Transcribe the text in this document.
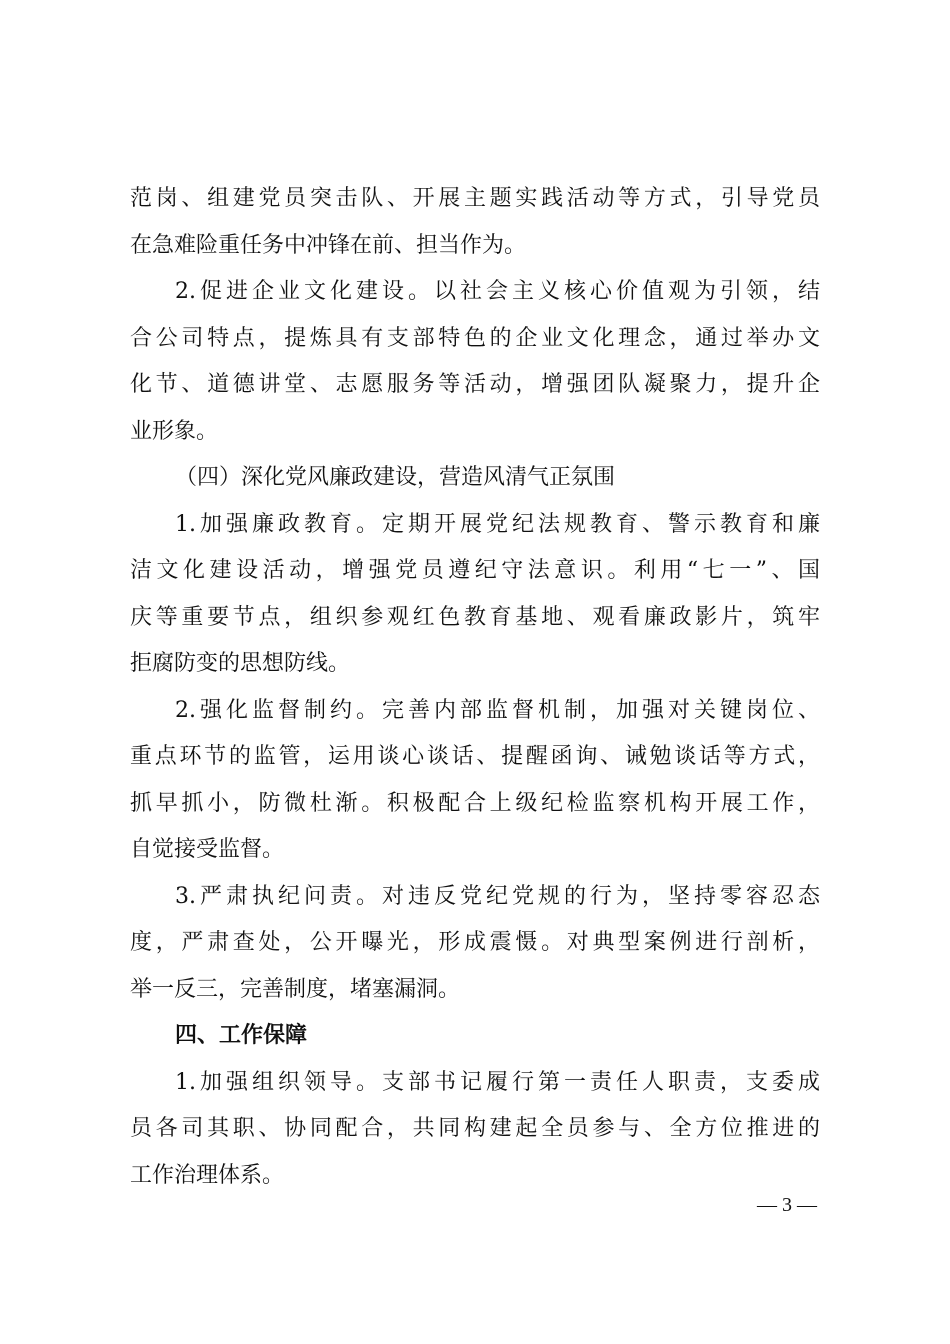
范岗、组建党员突击队、开展主题实践活动等方式，引导党员
在急难险重任务中冲锋在前、担当作为。
2.促进企业文化建设。以社会主义核心价值观为引领，结
合公司特点，提炼具有支部特色的企业文化理念，通过举办文
化节、道德讲堂、志愿服务等活动，增强团队凝聚力，提升企
业形象。
（四）深化党风廉政建设，营造风清气正氛围
1.加强廉政教育。定期开展党纪法规教育、警示教育和廉
洁文化建设活动，增强党员遵纪守法意识。利用“七一”、国
庆等重要节点，组织参观红色教育基地、观看廉政影片，筑牢
拒腐防变的思想防线。
2.强化监督制约。完善内部监督机制，加强对关键岗位、
重点环节的监管，运用谈心谈话、提醒函询、诫勉谈话等方式，
抓早抓小，防微杜渐。积极配合上级纪检监察机构开展工作，
自觉接受监督。
3.严肃执纪问责。对违反党纪党规的行为，坚持零容忍态
度，严肃查处，公开曝光，形成震慑。对典型案例进行剖析，
举一反三，完善制度，堵塞漏洞。
四、工作保障
1.加强组织领导。支部书记履行第一责任人职责，支委成
员各司其职、协同配合，共同构建起全员参与、全方位推进的
工作治理体系。
— 3 —
